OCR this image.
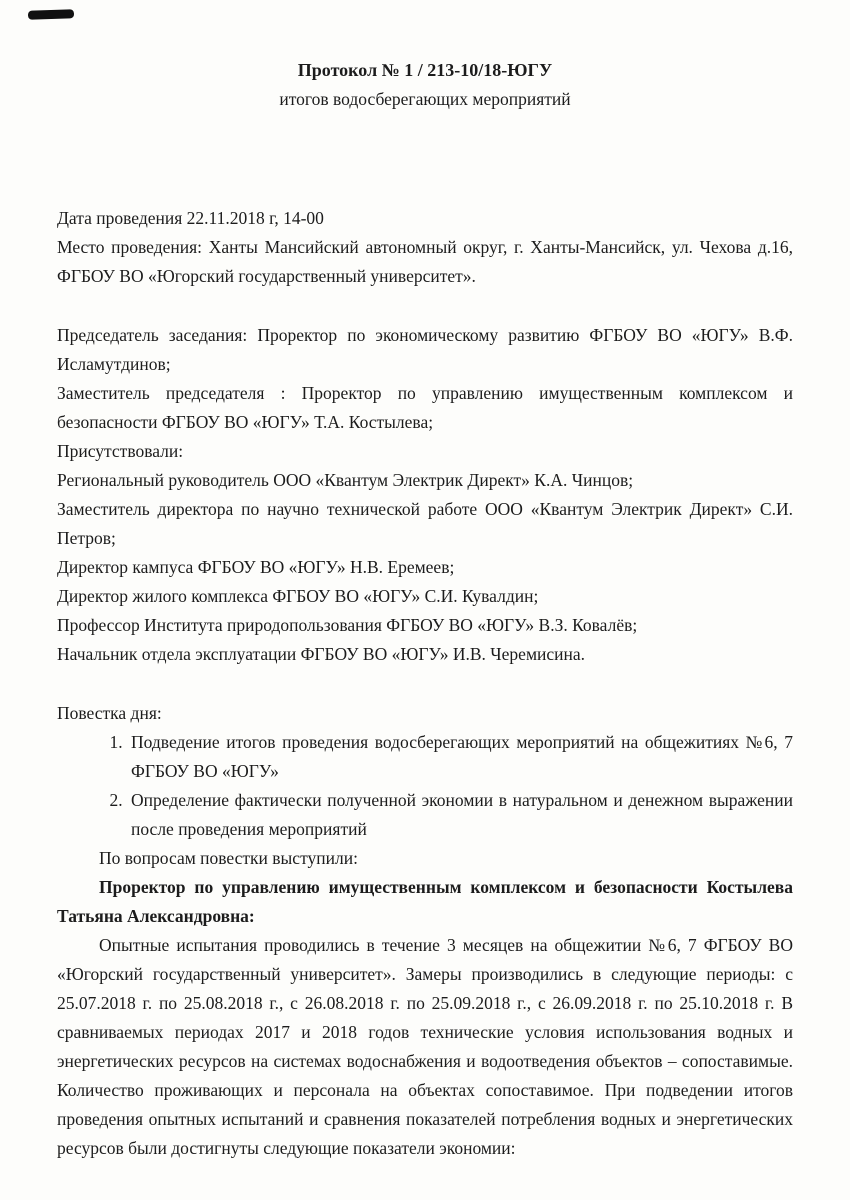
Протокол № 1 / 213-10/18-ЮГУ
итогов водосберегающих мероприятий

Дата проведения 22.11.2018 г, 14-00

Место проведения: Ханты Мансийский автономный округ, г. Ханты-Мансийск, ул. Чехова д.16, ФГБОУ ВО «Югорский государственный университет».

Председатель заседания: Проректор по экономическому развитию ФГБОУ ВО «ЮГУ» В.Ф. Исламутдинов;

Заместитель председателя : Проректор по управлению имущественным комплексом и безопасности ФГБОУ ВО «ЮГУ» Т.А. Костылева;

Присутствовали:

Региональный руководитель ООО «Квантум Электрик Директ» К.А. Чинцов;

Заместитель директора по научно технической работе ООО «Квантум Электрик Директ» С.И. Петров;

Директор кампуса ФГБОУ ВО «ЮГУ» Н.В. Еремеев;

Директор жилого комплекса ФГБОУ ВО «ЮГУ» С.И. Кувалдин;

Профессор Института природопользования ФГБОУ ВО «ЮГУ» В.З. Ковалёв;

Начальник отдела эксплуатации ФГБОУ ВО «ЮГУ» И.В. Черемисина.

Повестка дня:

1. Подведение итогов проведения водосберегающих мероприятий на общежитиях №6, 7 ФГБОУ ВО «ЮГУ»
2. Определение фактически полученной экономии в натуральном и денежном выражении после проведения мероприятий

По вопросам повестки выступили:

Проректор по управлению имущественным комплексом и безопасности Костылева Татьяна Александровна:

Опытные испытания проводились в течение 3 месяцев на общежитии №6, 7 ФГБОУ ВО «Югорский государственный университет». Замеры производились в следующие периоды: с 25.07.2018 г. по 25.08.2018 г., с 26.08.2018 г. по 25.09.2018 г., с 26.09.2018 г. по 25.10.2018 г. В сравниваемых периодах 2017 и 2018 годов технические условия использования водных и энергетических ресурсов на системах водоснабжения и водоотведения объектов – сопоставимые. Количество проживающих и персонала на объектах сопоставимое. При подведении итогов проведения опытных испытаний и сравнения показателей потребления водных и энергетических ресурсов были достигнуты следующие показатели экономии:
